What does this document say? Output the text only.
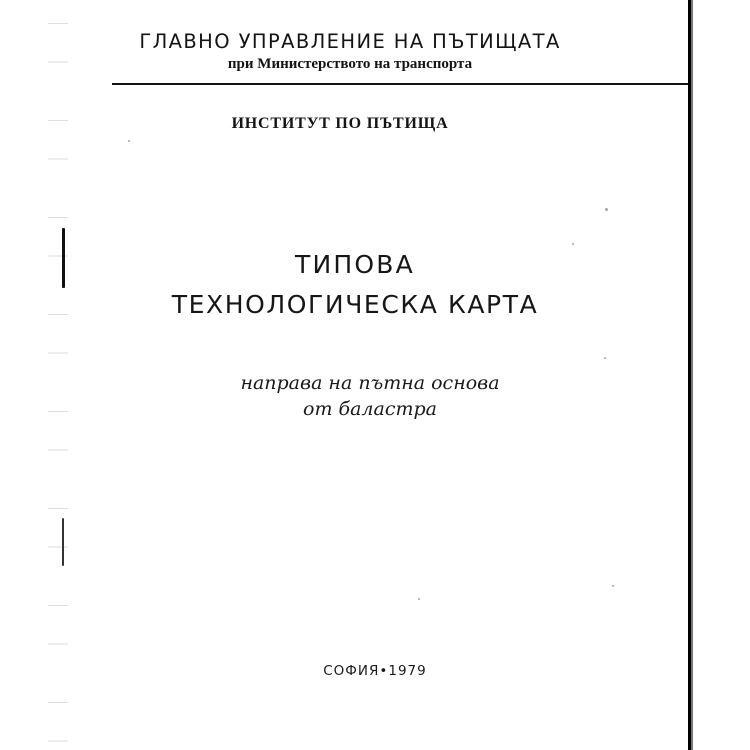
ГЛАВНО УПРАВЛЕНИЕ НА ПЪТИЩАТА
при Министерството на транспорта
ИНСТИТУТ ПО ПЪТИЩА
ТИПОВА
ТЕХНОЛОГИЧЕСКА КАРТА
направа на пътна основа
от баластра
СОФИЯ•1979
